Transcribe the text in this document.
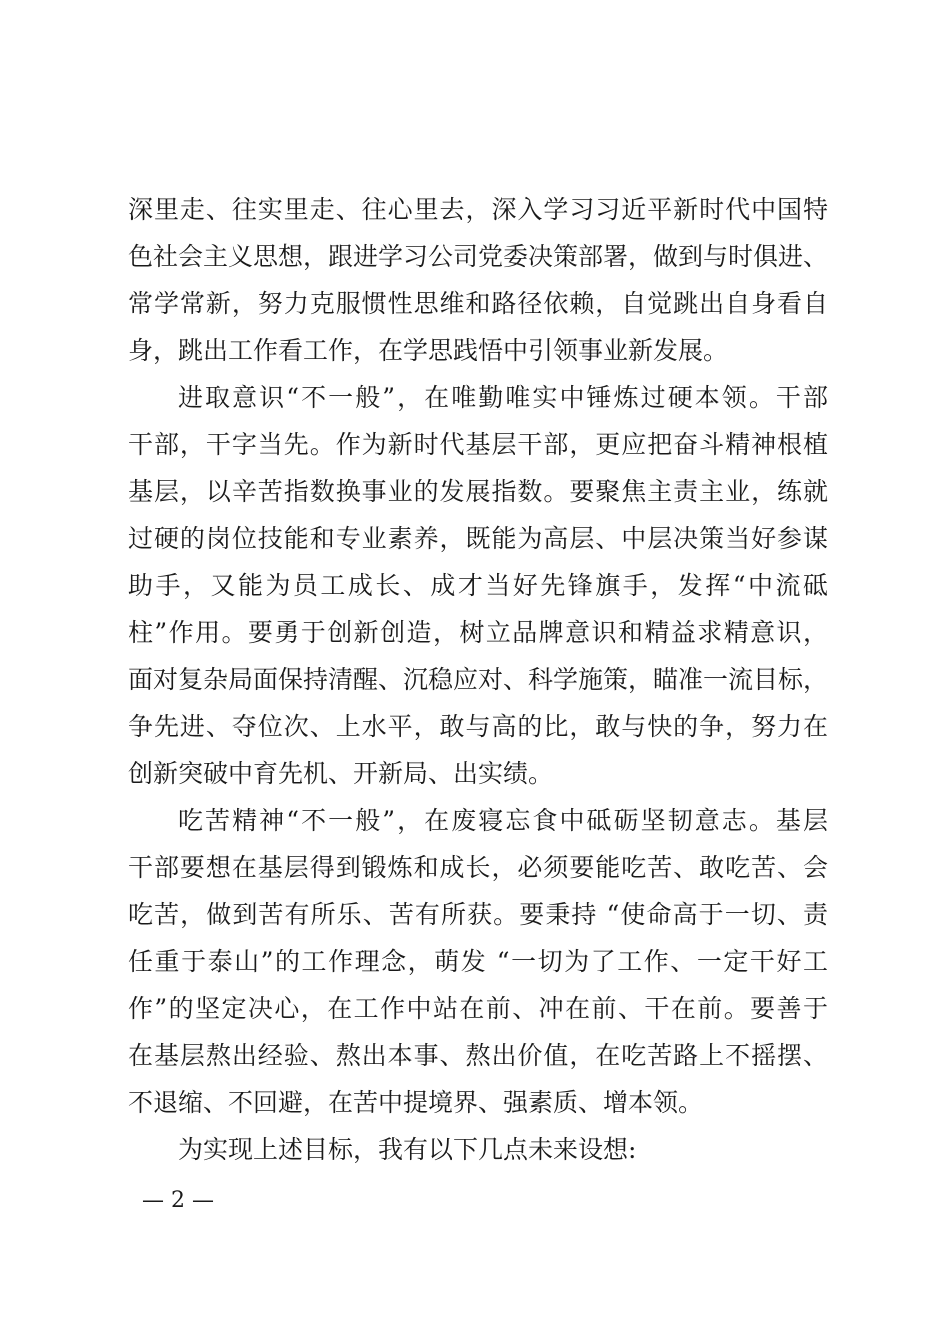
深里走、往实里走、往心里去，深入学习习近平新时代中国特
色社会主义思想，跟进学习公司党委决策部署，做到与时俱进、
常学常新，努力克服惯性思维和路径依赖，自觉跳出自身看自
身，跳出工作看工作，在学思践悟中引领事业新发展。
进取意识“不一般”，在唯勤唯实中锤炼过硬本领。干部
干部，干字当先。作为新时代基层干部，更应把奋斗精神根植
基层，以辛苦指数换事业的发展指数。要聚焦主责主业，练就
过硬的岗位技能和专业素养，既能为高层、中层决策当好参谋
助手，又能为员工成长、成才当好先锋旗手，发挥“中流砥
柱”作用。要勇于创新创造，树立品牌意识和精益求精意识，
面对复杂局面保持清醒、沉稳应对、科学施策，瞄准一流目标，
争先进、夺位次、上水平，敢与高的比，敢与快的争，努力在
创新突破中育先机、开新局、出实绩。
吃苦精神“不一般”，在废寝忘食中砥砺坚韧意志。基层
干部要想在基层得到锻炼和成长，必须要能吃苦、敢吃苦、会
吃苦，做到苦有所乐、苦有所获。要秉持 “使命高于一切、责
任重于泰山”的工作理念，萌发 “一切为了工作、一定干好工
作”的坚定决心，在工作中站在前、冲在前、干在前。要善于
在基层熬出经验、熬出本事、熬出价值，在吃苦路上不摇摆、
不退缩、不回避，在苦中提境界、强素质、增本领。
为实现上述目标，我有以下几点未来设想:
— 2 —
